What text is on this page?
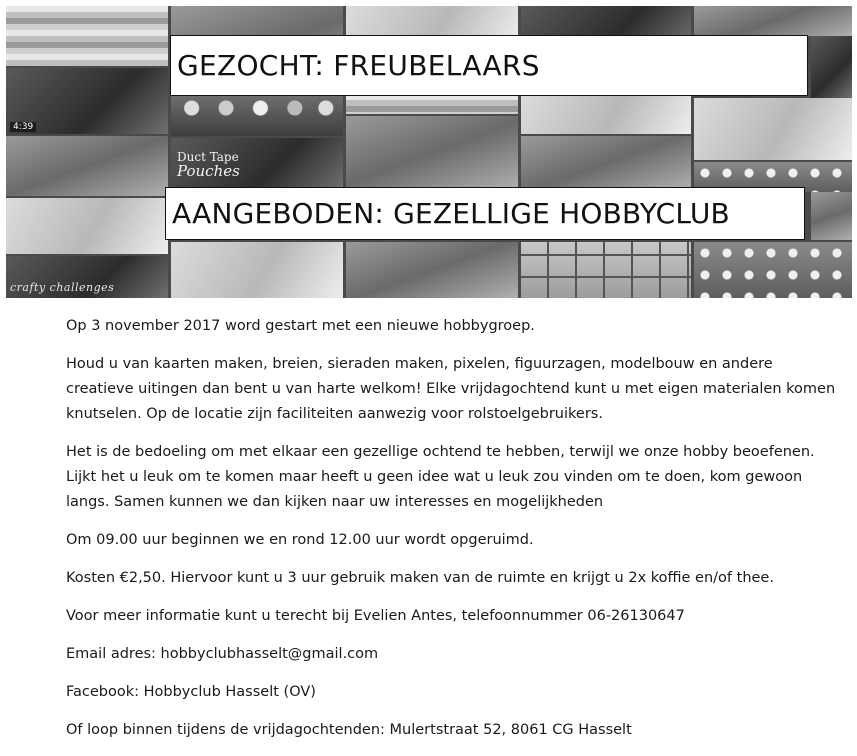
4:39
crafty challenges
Duct Tape
Pouches
GEZOCHT: FREUBELAARS
AANGEBODEN: GEZELLIGE HOBBYCLUB

Op 3 november 2017 word gestart met een nieuwe hobbygroep.

Houd u van kaarten maken, breien, sieraden maken, pixelen, figuurzagen, modelbouw en andere creatieve uitingen dan bent u van harte welkom! Elke vrijdagochtend kunt u met eigen materialen komen knutselen. Op de locatie zijn faciliteiten aanwezig voor rolstoelgebruikers.

Het is de bedoeling om met elkaar een gezellige ochtend te hebben, terwijl we onze hobby beoefenen. Lijkt het u leuk om te komen maar heeft u geen idee wat u leuk zou vinden om te doen, kom gewoon langs. Samen kunnen we dan kijken naar uw interesses en mogelijkheden

Om 09.00 uur beginnen we en rond 12.00 uur wordt opgeruimd.

Kosten €2,50. Hiervoor kunt u 3 uur gebruik maken van de ruimte en krijgt u 2x koffie en/of thee.

Voor meer informatie kunt u terecht bij Evelien Antes, telefoonnummer 06-26130647

Email adres: hobbyclubhasselt@gmail.com

Facebook: Hobbyclub Hasselt (OV)

Of loop binnen tijdens de vrijdagochtenden: Mulertstraat 52, 8061 CG Hasselt
